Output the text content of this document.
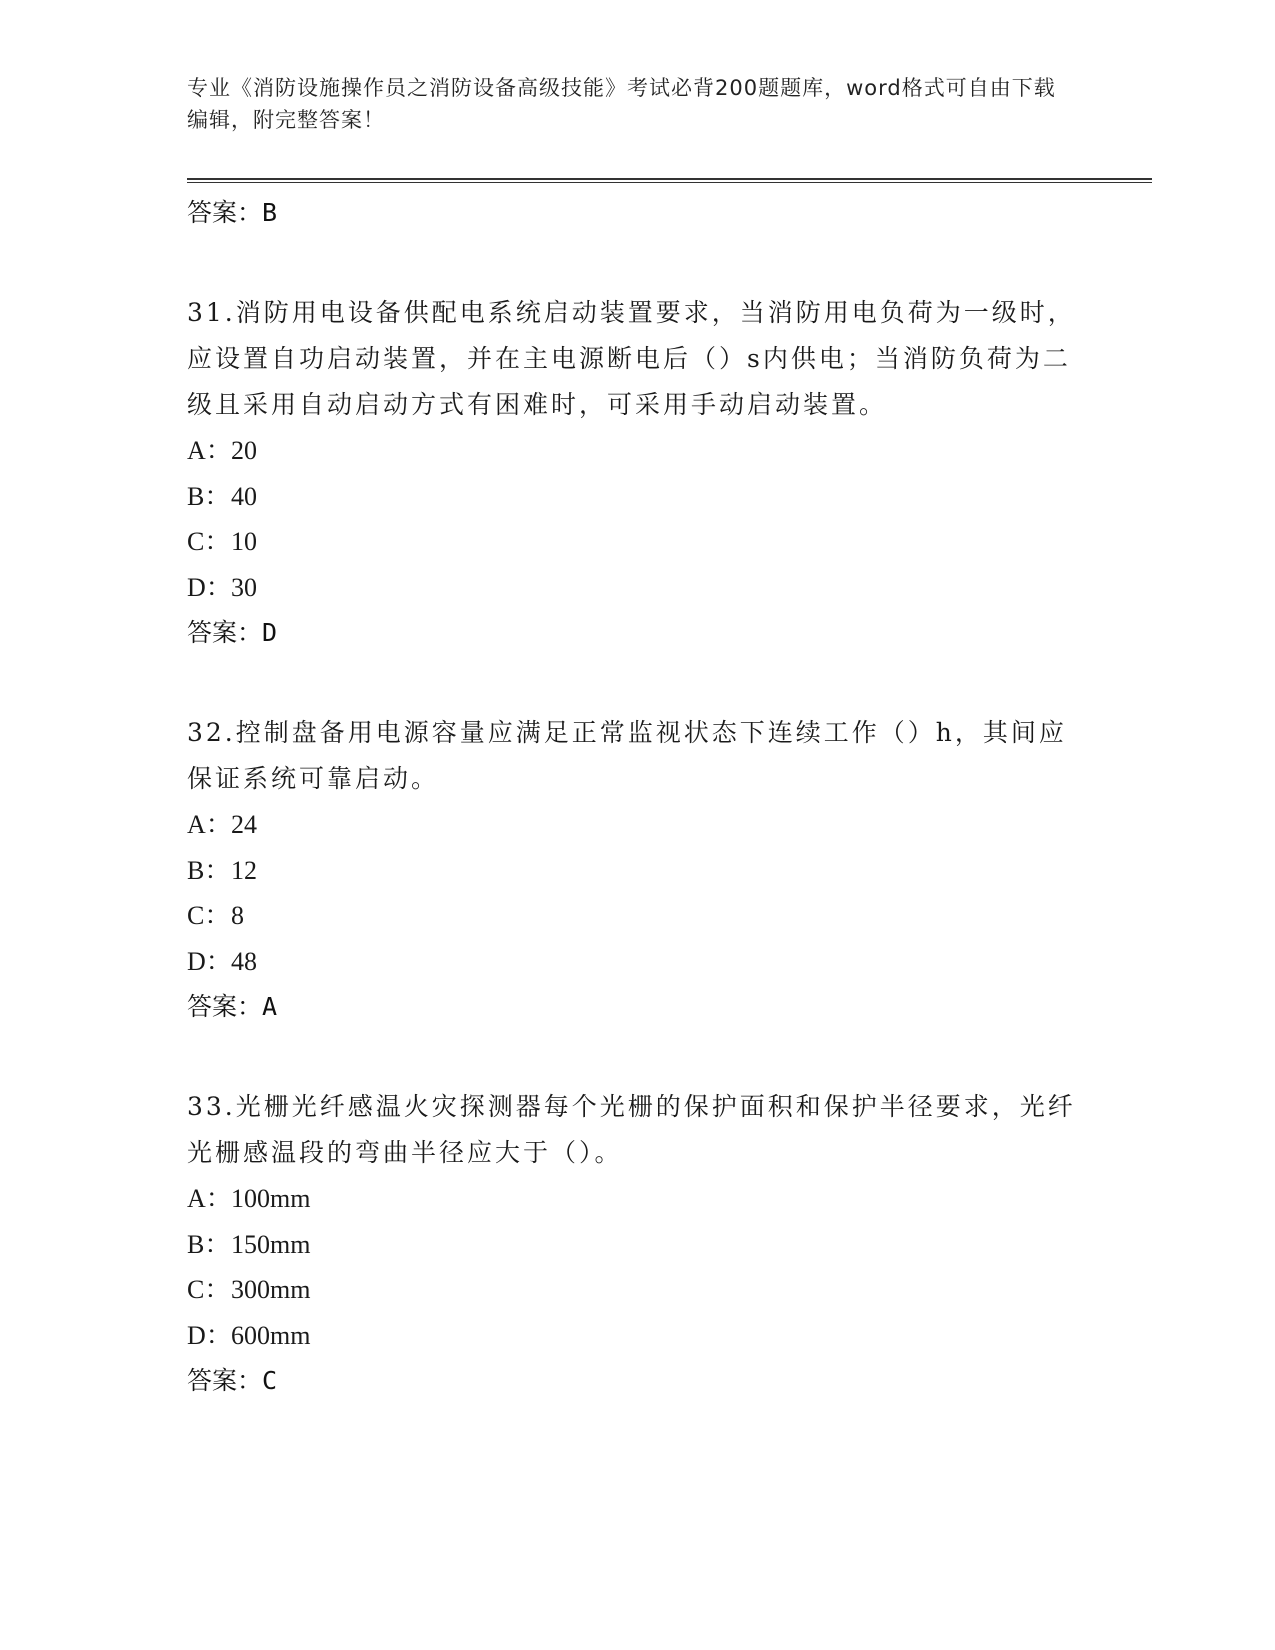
专业《消防设施操作员之消防设备高级技能》考试必背200题题库，word格式可自由下载编辑，附完整答案！
答案：B
31.消防用电设备供配电系统启动装置要求，当消防用电负荷为一级时，应设置自功启动装置，并在主电源断电后（）s内供电；当消防负荷为二级且采用自动启动方式有困难时，可采用手动启动装置。
A：20
B：40
C：10
D：30
答案：D
32.控制盘备用电源容量应满足正常监视状态下连续工作（）h，其间应保证系统可靠启动。
A：24
B：12
C：8
D：48
答案：A
33.光栅光纤感温火灾探测器每个光栅的保护面积和保护半径要求，光纤光栅感温段的弯曲半径应大于（）。
A：100mm
B：150mm
C：300mm
D：600mm
答案：C
